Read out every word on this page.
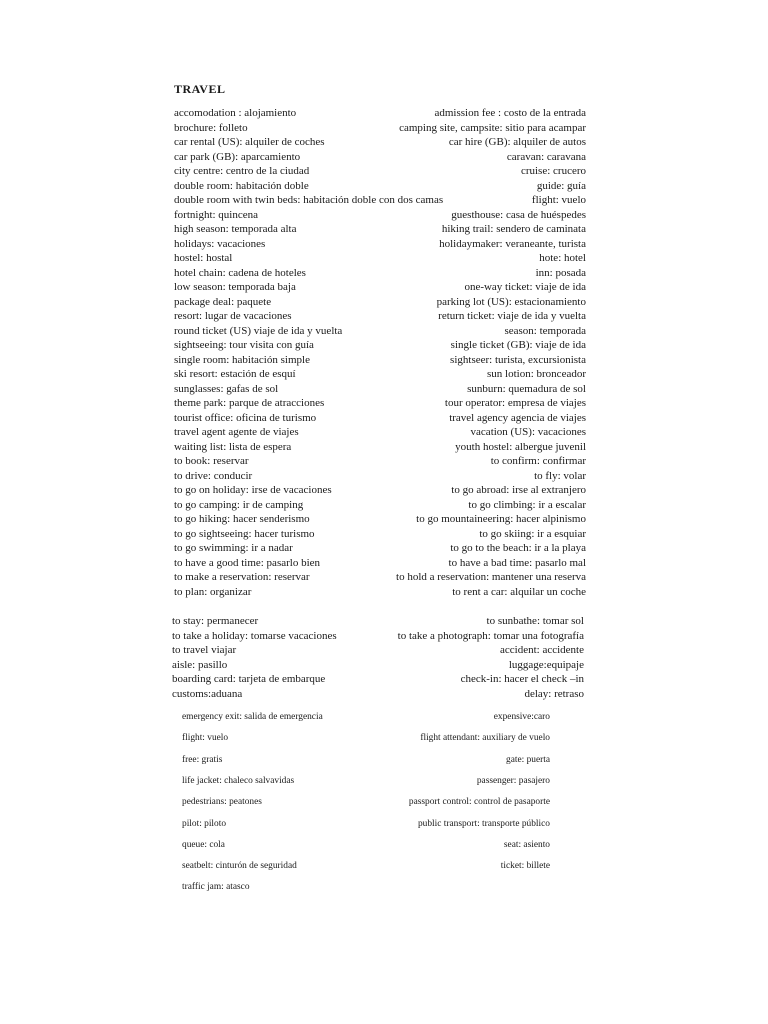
TRAVEL
accomodation : alojamiento	admission fee : costo de la entrada
brochure: folleto	camping site, campsite: sitio para acampar
car rental (US): alquiler de coches	car hire (GB): alquiler de autos
car park (GB): aparcamiento	caravan: caravana
city centre: centro de la ciudad	cruise: crucero
double room: habitación doble	guide: guía
double room with twin beds: habitación doble con dos camas	flight: vuelo
fortnight: quincena	guesthouse: casa de huéspedes
high season: temporada alta	hiking trail: sendero de caminata
holidays: vacaciones	holidaymaker: veraneante, turista
hostel: hostal	hote: hotel
hotel chain: cadena de hoteles	inn: posada
low season: temporada baja	one-way ticket: viaje de ida
package deal: paquete	parking lot (US): estacionamiento
resort: lugar de vacaciones	return ticket: viaje de ida y vuelta
round ticket (US) viaje de ida y vuelta	season: temporada
sightseeing: tour visita con guía	single ticket (GB): viaje de ida
single room: habitación simple	sightseer: turista, excursionista
ski resort: estación de esquí	sun lotion: bronceador
sunglasses: gafas de sol	sunburn: quemadura de sol
theme park: parque de atracciones	tour operator: empresa de viajes
tourist office: oficina de turismo	travel agency agencia de viajes
travel agent agente de viajes	vacation (US): vacaciones
waiting list: lista de espera	youth hostel: albergue juvenil
to book: reservar	to confirm: confirmar
to drive: conducir	to fly: volar
to go on holiday: irse de vacaciones	to go abroad: irse al extranjero
to go camping: ir de camping	to go climbing: ir a escalar
to go hiking: hacer senderismo	to go mountaineering: hacer alpinismo
to go sightseeing: hacer turismo	to go skiing: ir a esquiar
to go swimming: ir a nadar	to go to the beach: ir a la playa
to have a good time: pasarlo bien	to have a bad time: pasarlo mal
to make a reservation: reservar	to hold a reservation: mantener una reserva
to plan: organizar	to rent a car: alquilar un coche
to stay: permanecer	to sunbathe: tomar sol
to take a holiday: tomarse vacaciones	to take a photograph: tomar una fotografía
to travel viajar	accident: accidente
aisle: pasillo	luggage:equipaje
boarding card: tarjeta de embarque	check-in: hacer el check –in
customs:aduana	delay: retraso
emergency exit: salida de emergencia	expensive:caro
flight: vuelo	flight attendant: auxiliary de vuelo
free: gratis	gate: puerta
life jacket: chaleco salvavidas	passenger: pasajero
pedestrians: peatones	passport control: control de pasaporte
pilot: piloto	public transport: transporte público
queue: cola	seat: asiento
seatbelt: cinturón de seguridad	ticket: billete
traffic jam: atasco
